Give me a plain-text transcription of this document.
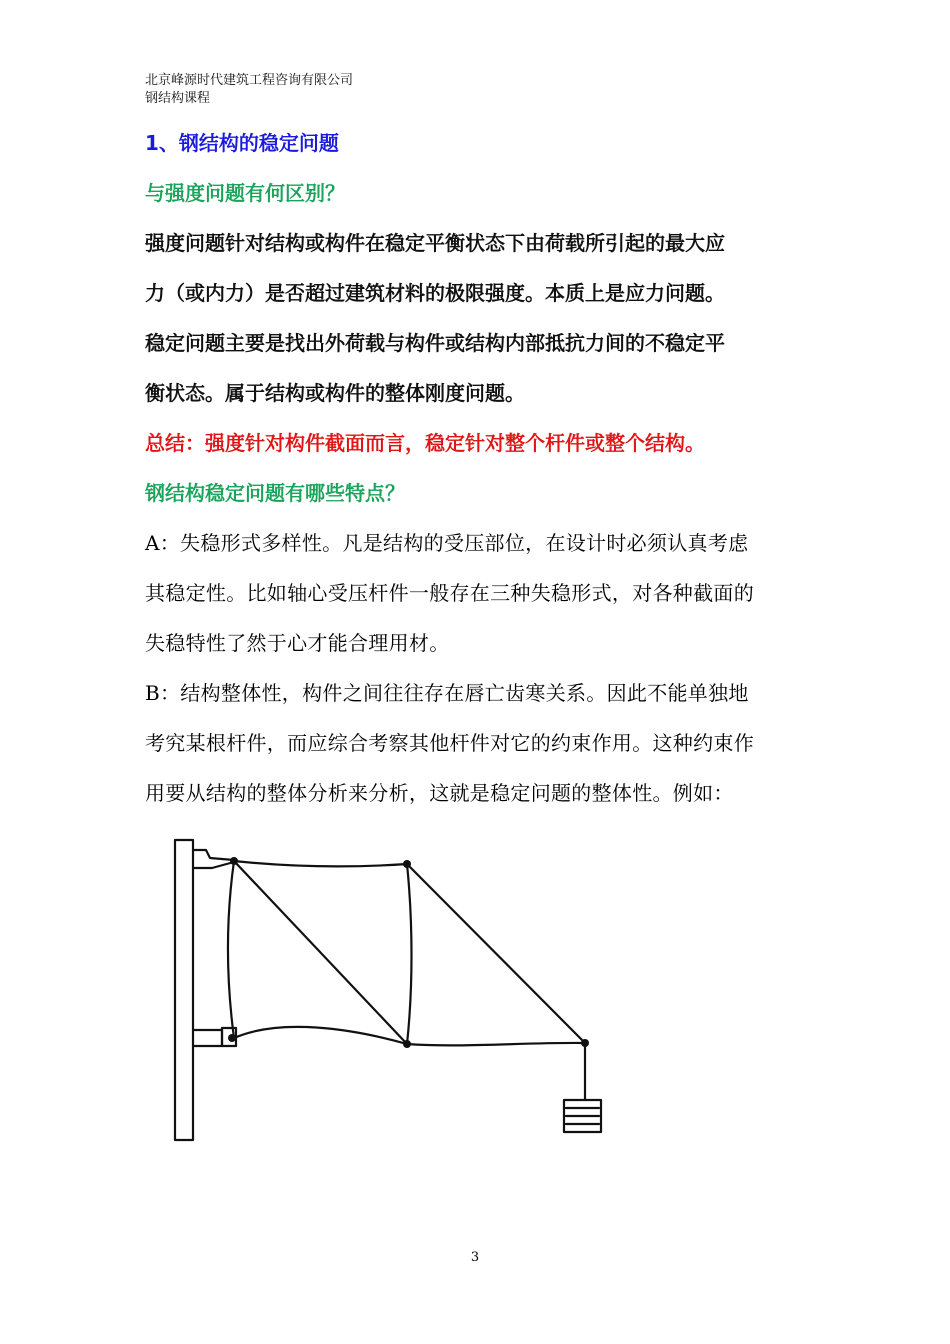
北京峰源时代建筑工程咨询有限公司
钢结构课程
1、钢结构的稳定问题
与强度问题有何区别？
强度问题针对结构或构件在稳定平衡状态下由荷载所引起的最大应
力（或内力）是否超过建筑材料的极限强度。本质上是应力问题。
稳定问题主要是找出外荷载与构件或结构内部抵抗力间的不稳定平
衡状态。属于结构或构件的整体刚度问题。
总结：强度针对构件截面而言，稳定针对整个杆件或整个结构。
钢结构稳定问题有哪些特点？
A：失稳形式多样性。凡是结构的受压部位，在设计时必须认真考虑
其稳定性。比如轴心受压杆件一般存在三种失稳形式，对各种截面的
失稳特性了然于心才能合理用材。
B：结构整体性，构件之间往往存在唇亡齿寒关系。因此不能单独地
考究某根杆件，而应综合考察其他杆件对它的约束作用。这种约束作
用要从结构的整体分析来分析，这就是稳定问题的整体性。例如：
3
